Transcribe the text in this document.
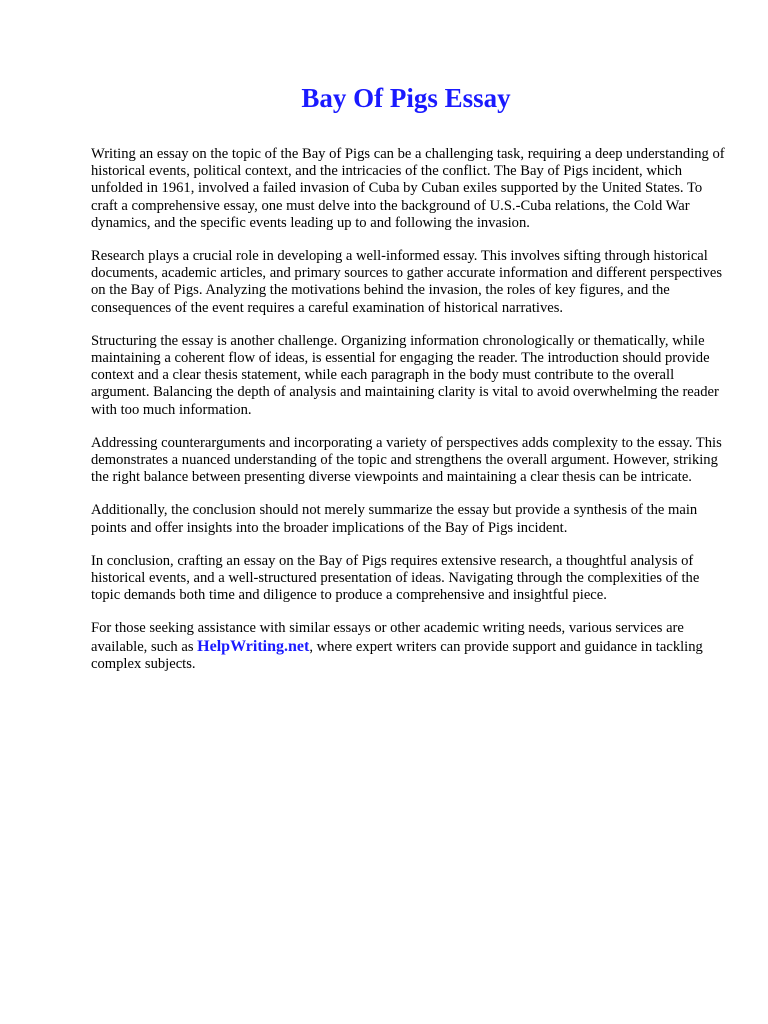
Bay Of Pigs Essay

Writing an essay on the topic of the Bay of Pigs can be a challenging task, requiring a deep understanding of historical events, political context, and the intricacies of the conflict. The Bay of Pigs incident, which unfolded in 1961, involved a failed invasion of Cuba by Cuban exiles supported by the United States. To craft a comprehensive essay, one must delve into the background of U.S.-Cuba relations, the Cold War dynamics, and the specific events leading up to and following the invasion.

Research plays a crucial role in developing a well-informed essay. This involves sifting through historical documents, academic articles, and primary sources to gather accurate information and different perspectives on the Bay of Pigs. Analyzing the motivations behind the invasion, the roles of key figures, and the consequences of the event requires a careful examination of historical narratives.

Structuring the essay is another challenge. Organizing information chronologically or thematically, while maintaining a coherent flow of ideas, is essential for engaging the reader. The introduction should provide context and a clear thesis statement, while each paragraph in the body must contribute to the overall argument. Balancing the depth of analysis and maintaining clarity is vital to avoid overwhelming the reader with too much information.

Addressing counterarguments and incorporating a variety of perspectives adds complexity to the essay. This demonstrates a nuanced understanding of the topic and strengthens the overall argument. However, striking the right balance between presenting diverse viewpoints and maintaining a clear thesis can be intricate.

Additionally, the conclusion should not merely summarize the essay but provide a synthesis of the main points and offer insights into the broader implications of the Bay of Pigs incident.

In conclusion, crafting an essay on the Bay of Pigs requires extensive research, a thoughtful analysis of historical events, and a well-structured presentation of ideas. Navigating through the complexities of the topic demands both time and diligence to produce a comprehensive and insightful piece.

For those seeking assistance with similar essays or other academic writing needs, various services are available, such as HelpWriting.net, where expert writers can provide support and guidance in tackling complex subjects.
